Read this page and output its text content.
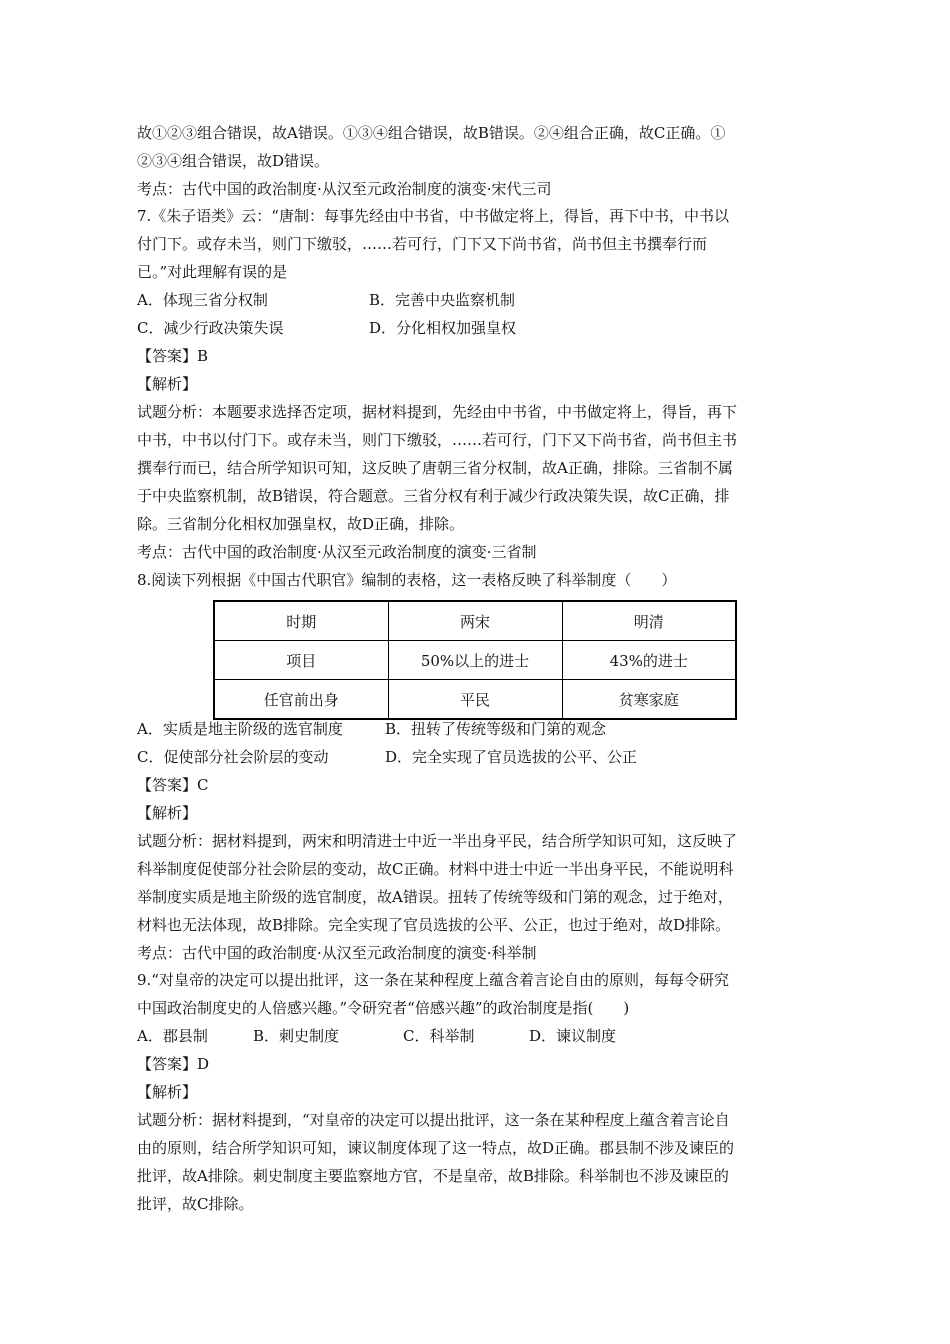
故①②③组合错误，故A错误。①③④组合错误，故B错误。②④组合正确，故C正确。①
②③④组合错误，故D错误。
考点：古代中国的政治制度·从汉至元政治制度的演变·宋代三司
7.《朱子语类》云：“唐制：每事先经由中书省，中书做定将上，得旨，再下中书，中书以
付门下。或存未当，则门下缴驳，……若可行，门下又下尚书省，尚书但主书撰奉行而
已。”对此理解有误的是
A．体现三省分权制	B．完善中央监察机制
C．减少行政决策失误	D．分化相权加强皇权
【答案】B
【解析】
试题分析：本题要求选择否定项，据材料提到，先经由中书省，中书做定将上，得旨，再下
中书，中书以付门下。或存未当，则门下缴驳，……若可行，门下又下尚书省，尚书但主书
撰奉行而已，结合所学知识可知，这反映了唐朝三省分权制，故A正确，排除。三省制不属
于中央监察机制，故B错误，符合题意。三省分权有利于减少行政决策失误，故C正确，排
除。三省制分化相权加强皇权，故D正确，排除。
考点：古代中国的政治制度·从汉至元政治制度的演变·三省制
8.阅读下列根据《中国古代职官》编制的表格，这一表格反映了科举制度（　　）
时期	两宋	明清
项目	50%以上的进士	43%的进士
任官前出身	平民	贫寒家庭
A．实质是地主阶级的选官制度	B．扭转了传统等级和门第的观念
C．促使部分社会阶层的变动	D．完全实现了官员选拔的公平、公正
【答案】C
【解析】
试题分析：据材料提到，两宋和明清进士中近一半出身平民，结合所学知识可知，这反映了
科举制度促使部分社会阶层的变动，故C正确。材料中进士中近一半出身平民，不能说明科
举制度实质是地主阶级的选官制度，故A错误。扭转了传统等级和门第的观念，过于绝对，
材料也无法体现，故B排除。完全实现了官员选拔的公平、公正，也过于绝对，故D排除。
考点：古代中国的政治制度·从汉至元政治制度的演变·科举制
9.“对皇帝的决定可以提出批评，这一条在某种程度上蕴含着言论自由的原则，每每令研究
中国政治制度史的人倍感兴趣。”令研究者“倍感兴趣”的政治制度是指(　　)
A．郡县制	B．刺史制度	C．科举制	D．谏议制度
【答案】D
【解析】
试题分析：据材料提到，“对皇帝的决定可以提出批评，这一条在某种程度上蕴含着言论自
由的原则，结合所学知识可知，谏议制度体现了这一特点，故D正确。郡县制不涉及谏臣的
批评，故A排除。刺史制度主要监察地方官，不是皇帝，故B排除。科举制也不涉及谏臣的
批评，故C排除。
